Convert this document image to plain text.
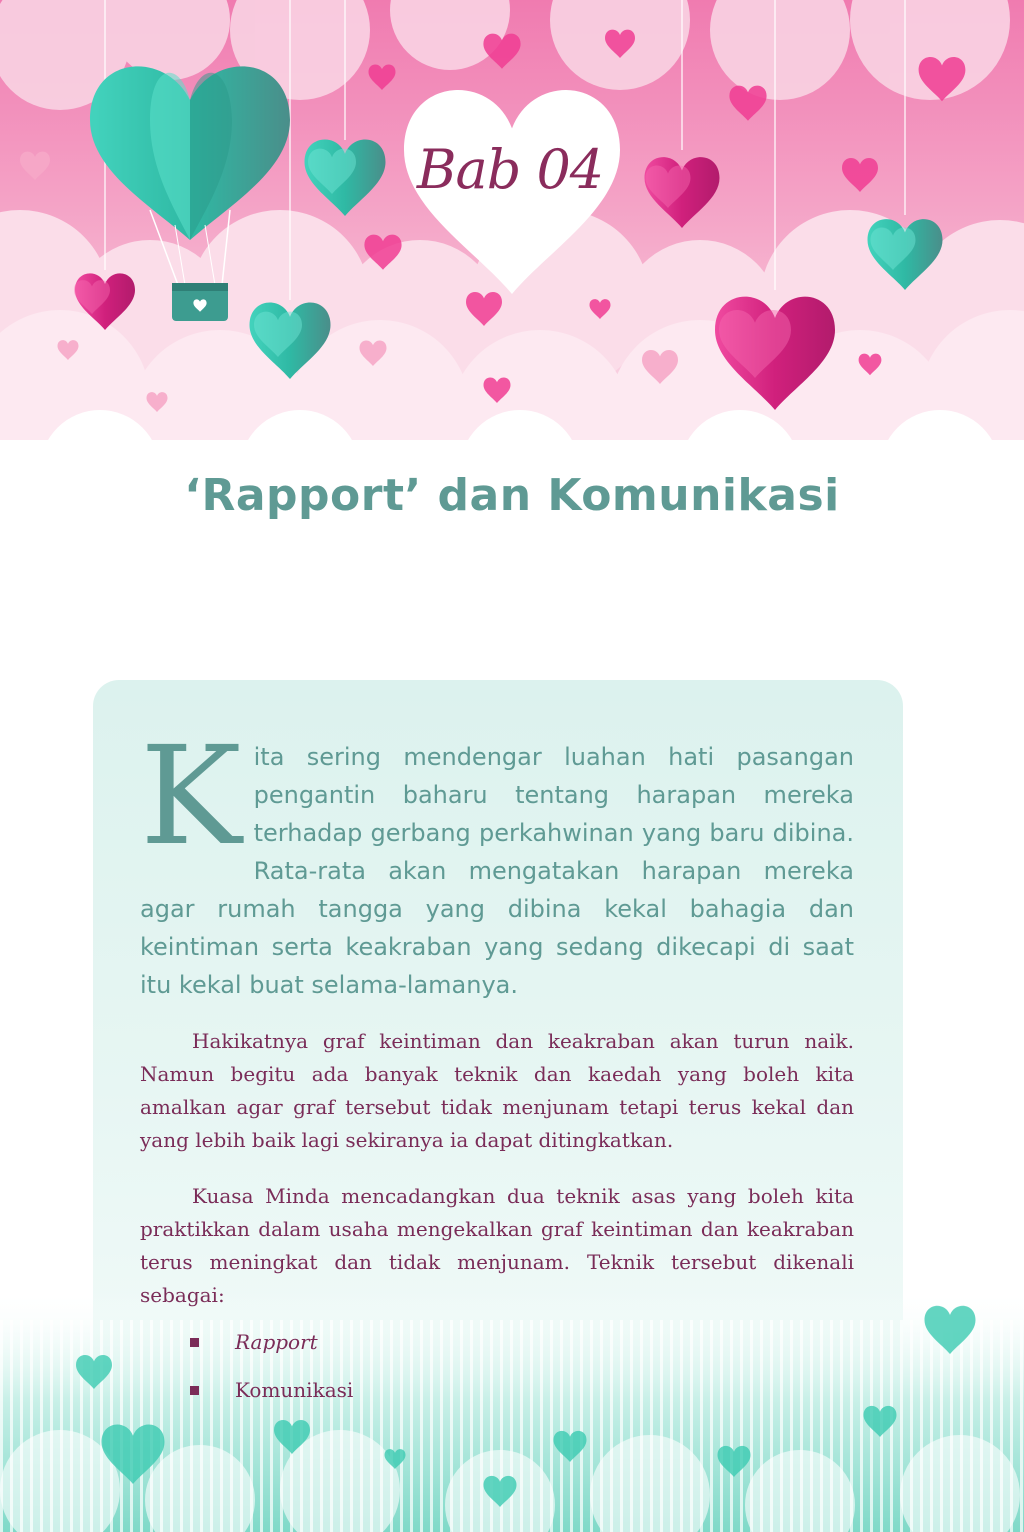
Bab 04
‘Rapport’ dan Komunikasi

Kita sering mendengar luahan hati pasangan pengantin baharu tentang harapan mereka terhadap gerbang perkahwinan yang baru dibina. Rata-rata akan mengatakan harapan mereka agar rumah tangga yang dibina kekal bahagia dan keintiman serta keakraban yang sedang dikecapi di saat itu kekal buat selama-lamanya.

Hakikatnya graf keintiman dan keakraban akan turun naik. Namun begitu ada banyak teknik dan kaedah yang boleh kita amalkan agar graf tersebut tidak menjunam tetapi terus kekal dan yang lebih baik lagi sekiranya ia dapat ditingkatkan.

Kuasa Minda mencadangkan dua teknik asas yang boleh kita praktikkan dalam usaha mengekalkan graf keintiman dan keakraban terus meningkat dan tidak menjunam. Teknik tersebut dikenali sebagai:

Rapport
Komunikasi
